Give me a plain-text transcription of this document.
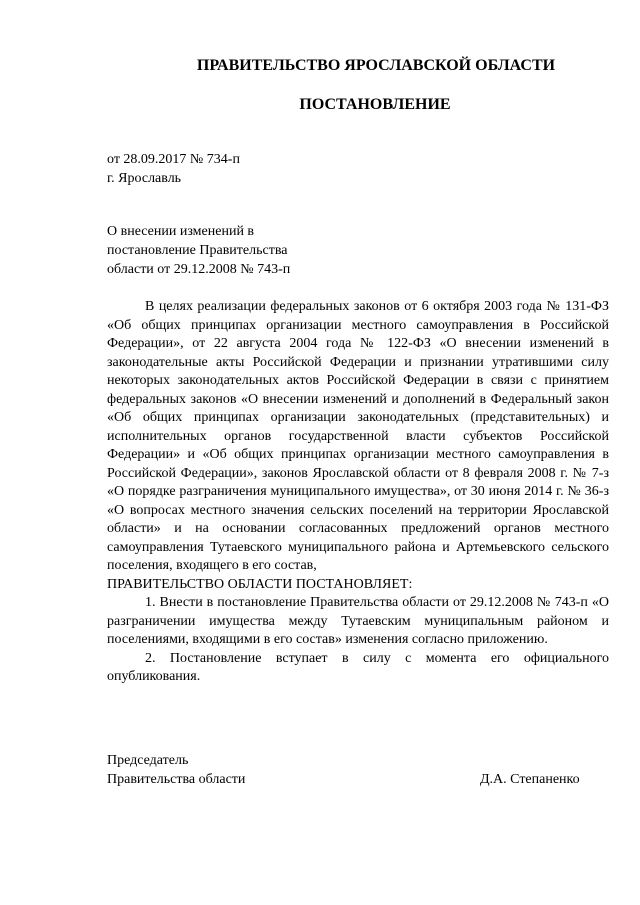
ПРАВИТЕЛЬСТВО ЯРОСЛАВСКОЙ ОБЛАСТИ
ПОСТАНОВЛЕНИЕ
от 28.09.2017 № 734-п
г. Ярославль
О внесении изменений в
постановление Правительства
области от 29.12.2008 № 743-п

В целях реализации федеральных законов от 6 октября 2003 года № 131-ФЗ «Об общих принципах организации местного самоуправления в Российской Федерации», от 22 августа 2004 года № 122-ФЗ «О внесении изменений в законодательные акты Российской Федерации и признании утратившими силу некоторых законодательных актов Российской Федерации в связи с принятием федеральных законов «О внесении изменений и дополнений в Федеральный закон «Об общих принципах организации законодательных (представительных) и исполнительных органов государственной власти субъектов Российской Федерации» и «Об общих принципах организации местного самоуправления в Российской Федерации», законов Ярославской области от 8 февраля 2008 г. № 7-з «О порядке разграничения муниципального имущества», от 30 июня 2014 г. № 36-з «О вопросах местного значения сельских поселений на территории Ярославской области» и на основании согласованных предложений органов местного самоуправления Тутаевского муниципального района и Артемьевского сельского поселения, входящего в его состав,

ПРАВИТЕЛЬСТВО ОБЛАСТИ ПОСТАНОВЛЯЕТ:

1. Внести в постановление Правительства области от 29.12.2008 № 743-п «О разграничении имущества между Тутаевским муниципальным районом и поселениями, входящими в его состав» изменения согласно приложению.

2. Постановление вступает в силу с момента его официального опубликования.

Председатель
Правительства области	Д.А. Степаненко
